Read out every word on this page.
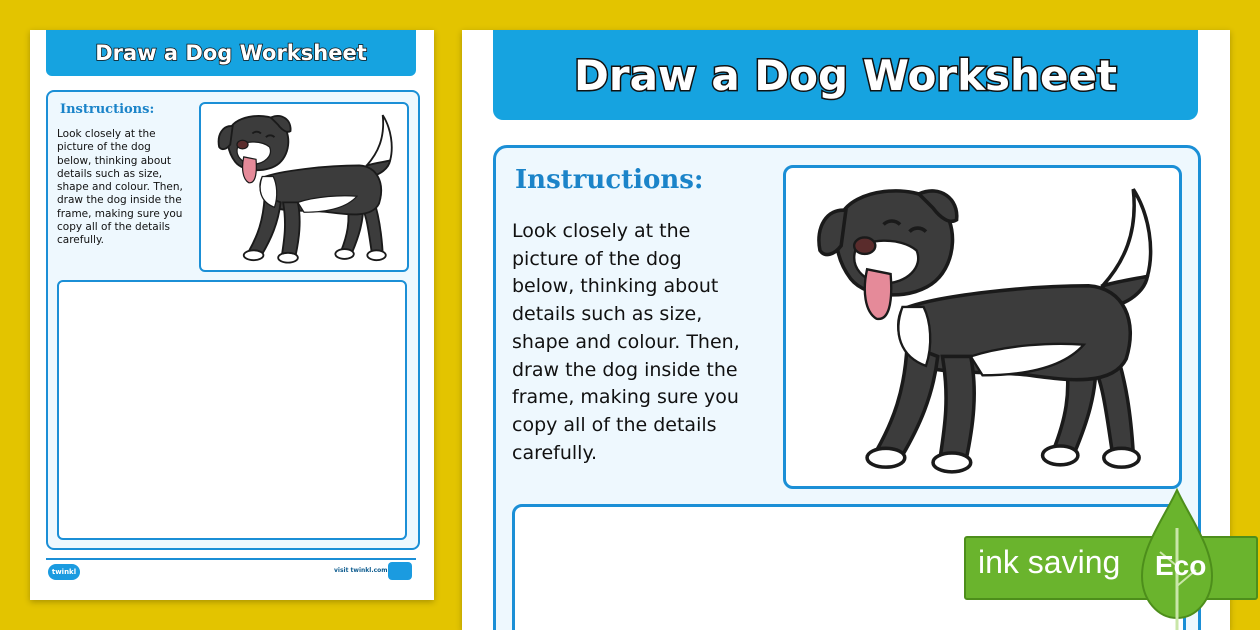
Draw a Dog Worksheet
Instructions:
Look closely at the
picture of the dog
below, thinking about
details such as size,
shape and colour. Then,
draw the dog inside the
frame, making sure you
copy all of the details
carefully.
twinkl	visit twinkl.com
Draw a Dog Worksheet
Instructions:
Look closely at the
picture of the dog
below, thinking about
details such as size,
shape and colour. Then,
draw the dog inside the
frame, making sure you
copy all of the details
carefully.
ink saving Eco
